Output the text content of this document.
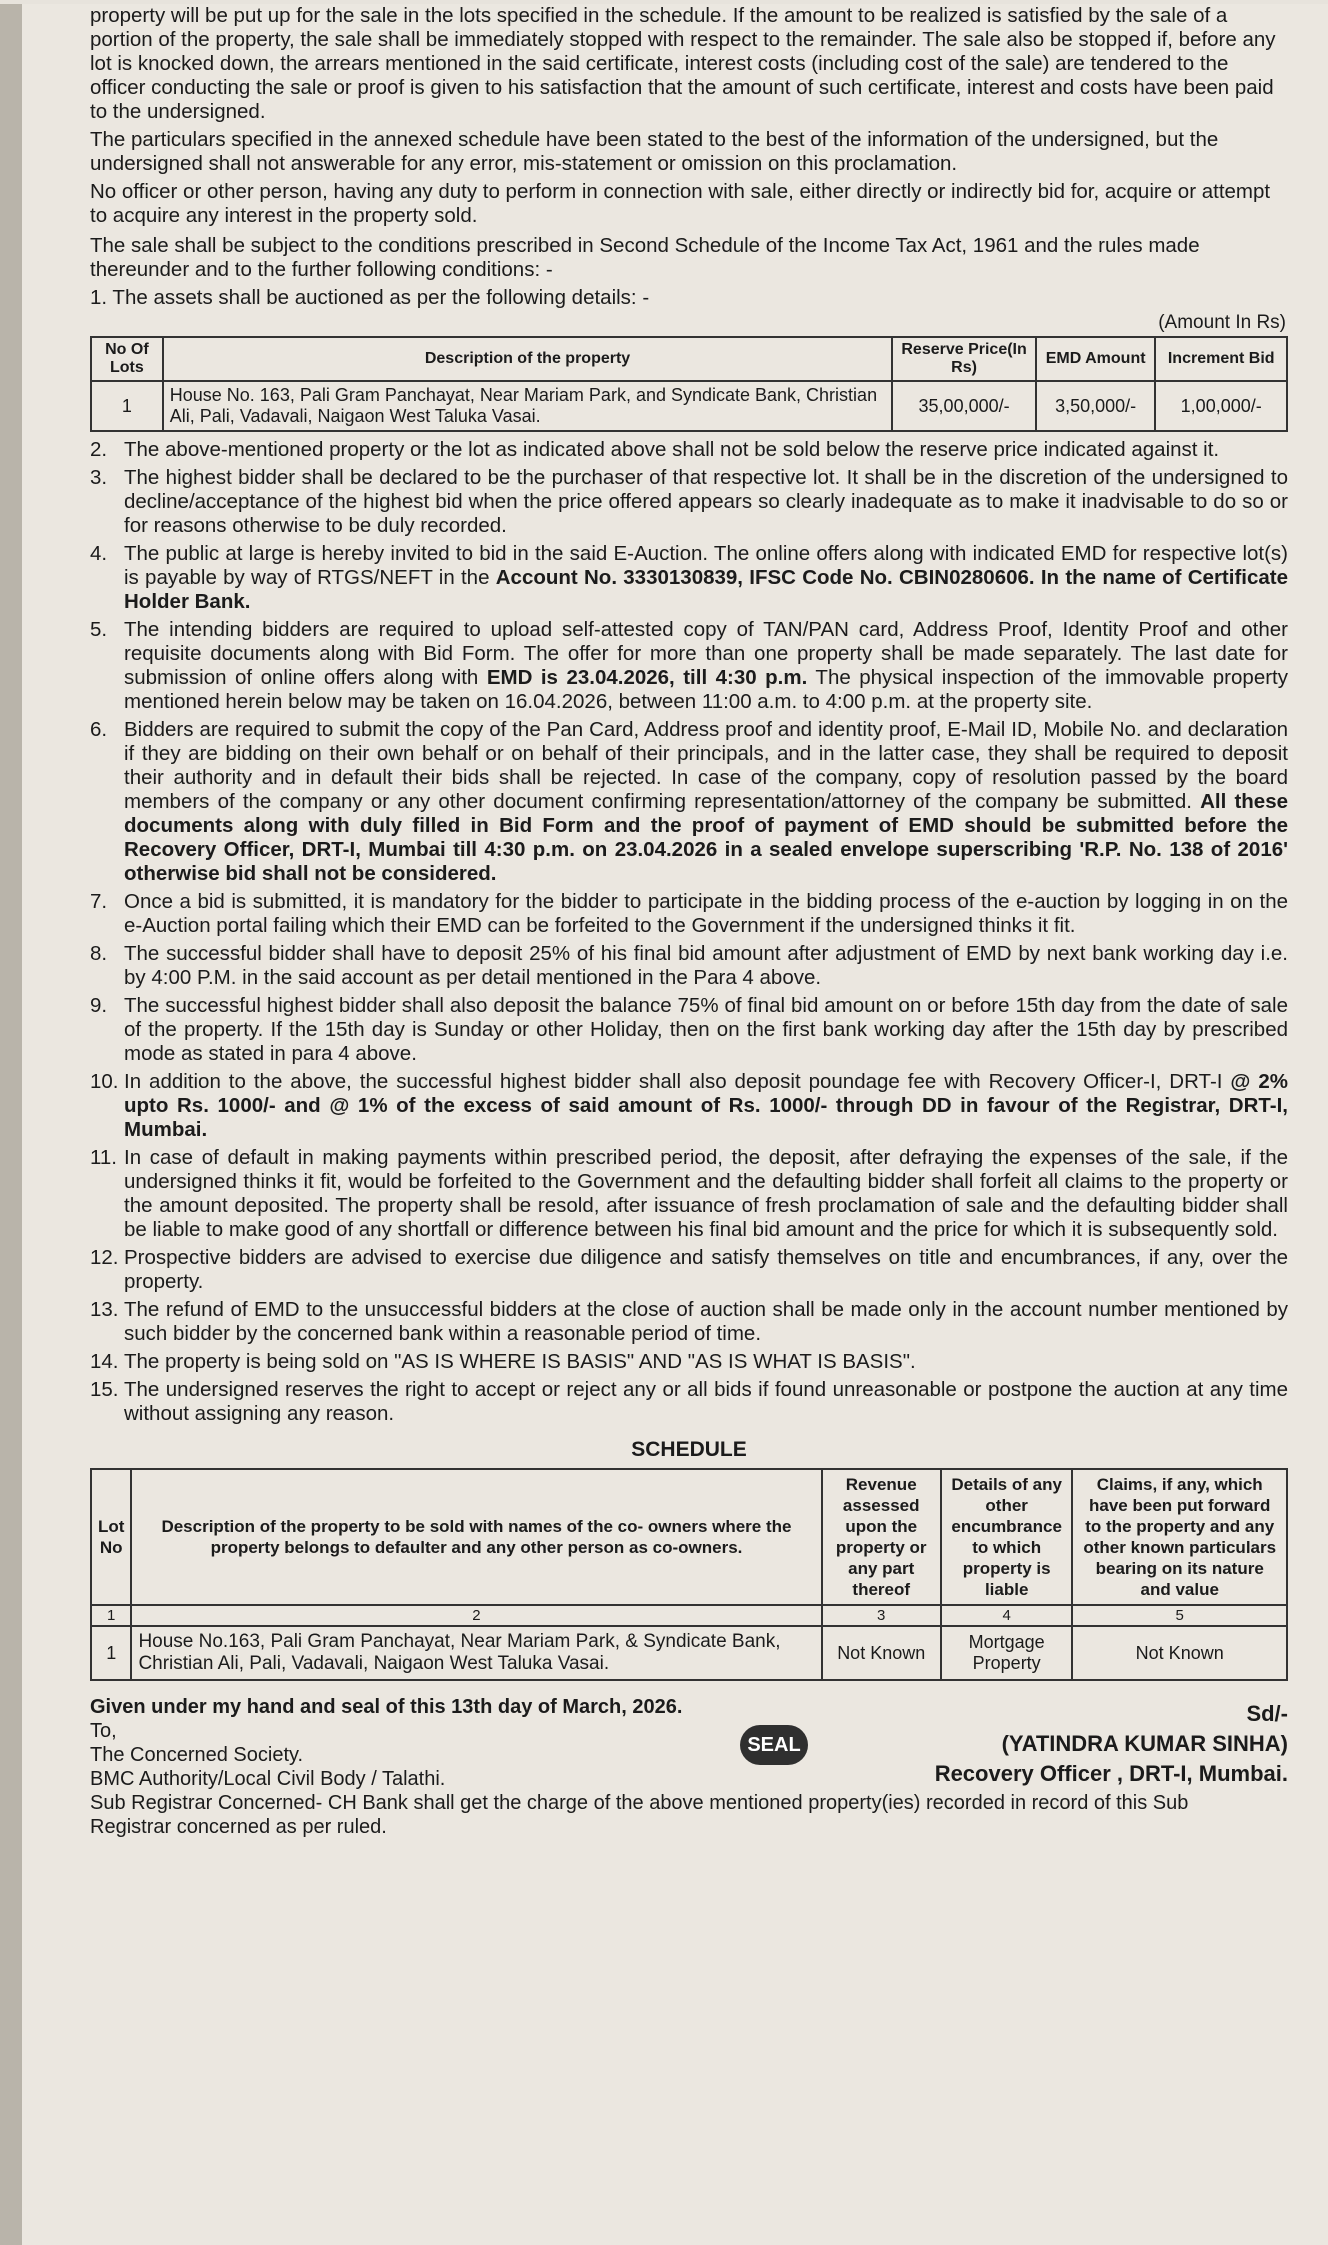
property will be put up for the sale in the lots specified in the schedule. If the amount to be realized is satisfied by the sale of a portion of the property, the sale shall be immediately stopped with respect to the remainder. The sale also be stopped if, before any lot is knocked down, the arrears mentioned in the said certificate, interest costs (including cost of the sale) are tendered to the officer conducting the sale or proof is given to his satisfaction that the amount of such certificate, interest and costs have been paid to the undersigned.

The particulars specified in the annexed schedule have been stated to the best of the information of the undersigned, but the undersigned shall not answerable for any error, mis-statement or omission on this proclamation.

No officer or other person, having any duty to perform in connection with sale, either directly or indirectly bid for, acquire or attempt to acquire any interest in the property sold.

The sale shall be subject to the conditions prescribed in Second Schedule of the Income Tax Act, 1961 and the rules made thereunder and to the further following conditions: -

1. The assets shall be auctioned as per the following details: -

(Amount In Rs)
No Of Lots	Description of the property	Reserve Price(In Rs)	EMD Amount	Increment Bid
1	House No. 163, Pali Gram Panchayat, Near Mariam Park, and Syndicate Bank, Christian Ali, Pali, Vadavali, Naigaon West Taluka Vasai.	35,00,000/-	3,50,000/-	1,00,000/-
2. The above-mentioned property or the lot as indicated above shall not be sold below the reserve price indicated against it.
3. The highest bidder shall be declared to be the purchaser of that respective lot. It shall be in the discretion of the undersigned to decline/acceptance of the highest bid when the price offered appears so clearly inadequate as to make it inadvisable to do so or for reasons otherwise to be duly recorded.
4. The public at large is hereby invited to bid in the said E-Auction. The online offers along with indicated EMD for respective lot(s) is payable by way of RTGS/NEFT in the Account No. 3330130839, IFSC Code No. CBIN0280606. In the name of Certificate Holder Bank.
5. The intending bidders are required to upload self-attested copy of TAN/PAN card, Address Proof, Identity Proof and other requisite documents along with Bid Form. The offer for more than one property shall be made separately. The last date for submission of online offers along with EMD is 23.04.2026, till 4:30 p.m. The physical inspection of the immovable property mentioned herein below may be taken on 16.04.2026, between 11:00 a.m. to 4:00 p.m. at the property site.
6. Bidders are required to submit the copy of the Pan Card, Address proof and identity proof, E-Mail ID, Mobile No. and declaration if they are bidding on their own behalf or on behalf of their principals, and in the latter case, they shall be required to deposit their authority and in default their bids shall be rejected. In case of the company, copy of resolution passed by the board members of the company or any other document confirming representation/attorney of the company be submitted. All these documents along with duly filled in Bid Form and the proof of payment of EMD should be submitted before the Recovery Officer, DRT-I, Mumbai till 4:30 p.m. on 23.04.2026 in a sealed envelope superscribing 'R.P. No. 138 of 2016' otherwise bid shall not be considered.
7. Once a bid is submitted, it is mandatory for the bidder to participate in the bidding process of the e-auction by logging in on the e-Auction portal failing which their EMD can be forfeited to the Government if the undersigned thinks it fit.
8. The successful bidder shall have to deposit 25% of his final bid amount after adjustment of EMD by next bank working day i.e. by 4:00 P.M. in the said account as per detail mentioned in the Para 4 above.
9. The successful highest bidder shall also deposit the balance 75% of final bid amount on or before 15th day from the date of sale of the property. If the 15th day is Sunday or other Holiday, then on the first bank working day after the 15th day by prescribed mode as stated in para 4 above.
10. In addition to the above, the successful highest bidder shall also deposit poundage fee with Recovery Officer-I, DRT-I @ 2% upto Rs. 1000/- and @ 1% of the excess of said amount of Rs. 1000/- through DD in favour of the Registrar, DRT-I, Mumbai.
11. In case of default in making payments within prescribed period, the deposit, after defraying the expenses of the sale, if the undersigned thinks it fit, would be forfeited to the Government and the defaulting bidder shall forfeit all claims to the property or the amount deposited. The property shall be resold, after issuance of fresh proclamation of sale and the defaulting bidder shall be liable to make good of any shortfall or difference between his final bid amount and the price for which it is subsequently sold.
12. Prospective bidders are advised to exercise due diligence and satisfy themselves on title and encumbrances, if any, over the property.
13. The refund of EMD to the unsuccessful bidders at the close of auction shall be made only in the account number mentioned by such bidder by the concerned bank within a reasonable period of time.
14. The property is being sold on "AS IS WHERE IS BASIS" AND "AS IS WHAT IS BASIS".
15. The undersigned reserves the right to accept or reject any or all bids if found unreasonable or postpone the auction at any time without assigning any reason.
SCHEDULE
Lot No	Description of the property to be sold with names of the co- owners where the property belongs to defaulter and any other person as co-owners.	Revenue assessed upon the property or any part thereof	Details of any other encumbrance to which property is liable	Claims, if any, which have been put forward to the property and any other known particulars bearing on its nature and value
1	2	3	4	5
1	House No.163, Pali Gram Panchayat, Near Mariam Park, & Syndicate Bank, Christian Ali, Pali, Vadavali, Naigaon West Taluka Vasai.	Not Known	Mortgage Property	Not Known
Given under my hand and seal of this 13th day of March, 2026.
To,
The Concerned Society.
BMC Authority/Local Civil Body / Talathi.
Sub Registrar Concerned- CH Bank shall get the charge of the above mentioned property(ies) recorded in record of this Sub Registrar concerned as per ruled.
SEAL
Sd/-
(YATINDRA KUMAR SINHA)
Recovery Officer , DRT-I, Mumbai.
